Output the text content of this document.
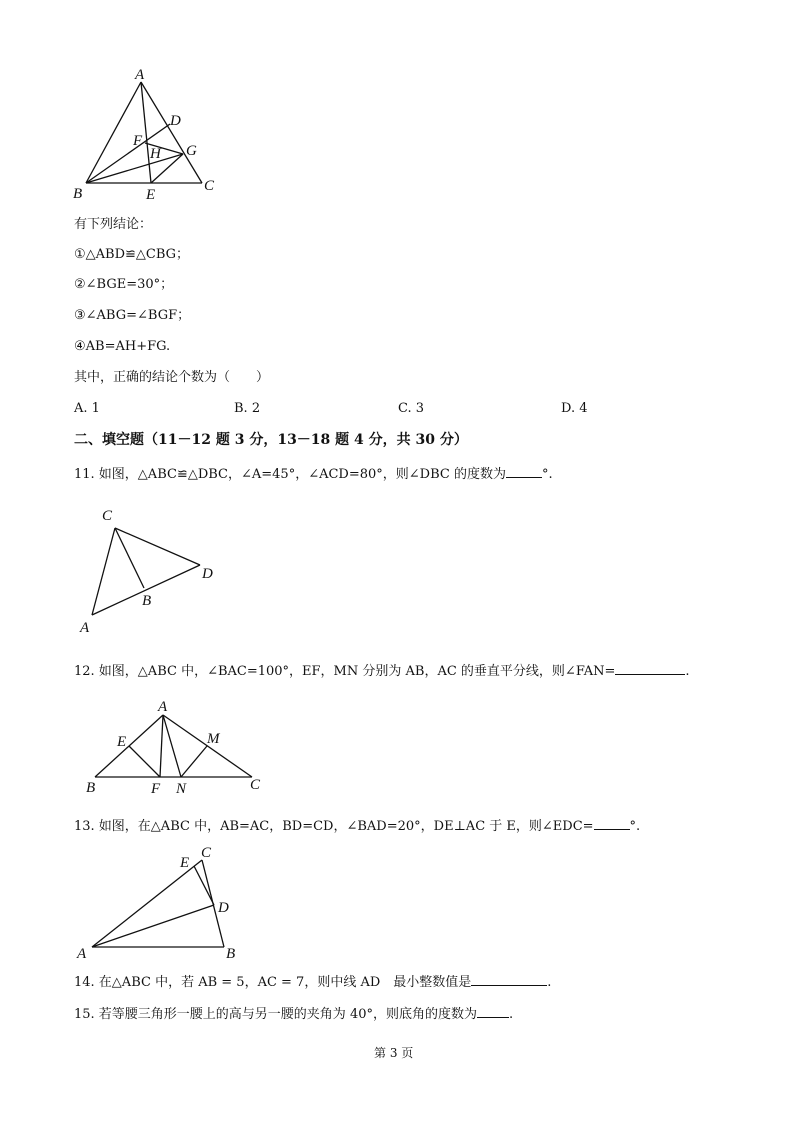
A
D
F
H G
B	E
C
有下列结论：
①△ABD≌△CBG；
②∠BGE=30°；
③∠ABG=∠BGF；
④AB=AH+FG.
其中，正确的结论个数为（　　）
A. 1	B. 2	C. 3	D. 4
二、填空题（11－12 题 3 分，13－18 题 4 分，共 30 分）
11. 如图，△ABC≌△DBC，∠A=45°，∠ACD=80°，则∠DBC 的度数为	°.
C
D
B
A
12. 如图，△ABC 中，∠BAC=100°，EF，MN 分别为 AB，AC 的垂直平分线，则∠FAN=	.
A
E	M
B	F N	C
13. 如图，在△ABC 中，AB=AC，BD=CD，∠BAD=20°，DE⊥AC 于 E，则∠EDC=	°.
E
C
D
A	B
14. 在△ABC 中，若 AB = 5，AC = 7，则中线 AD　最小整数值是	.
15. 若等腰三角形一腰上的高与另一腰的夹角为 40°，则底角的度数为 .
第 3 页
